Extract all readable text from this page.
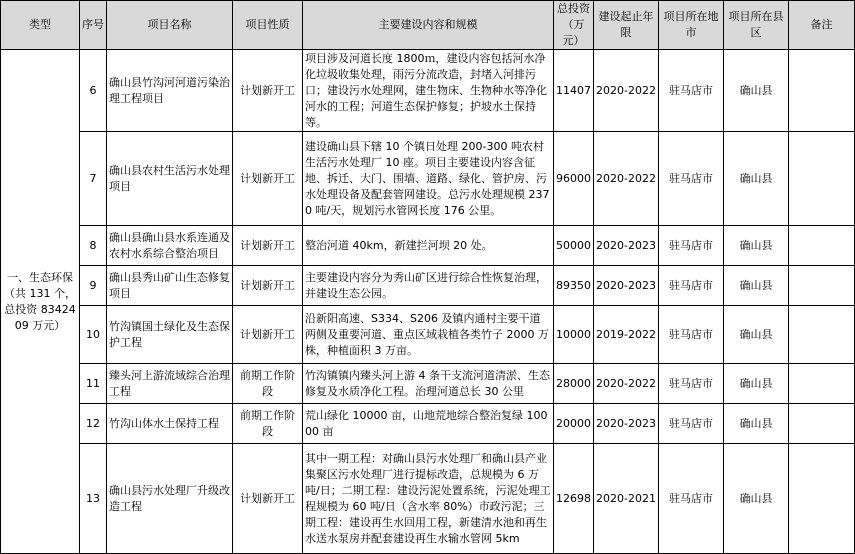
类型	序号	项目名称	项目性质	主要建设内容和规模	总投资（万元）	建设起止年限	项目所在地市	项目所在县区	备注
一、生态环保（共 131 个，总投资 8342409 万元）	6	确山县竹沟河河道污染治理工程项目	计划新开工	项目涉及河道长度 1800ｍ，建设内容包括河水净化垃圾收集处理，雨污分流改造，封堵入河排污口；建设污水处理网，建生物床、生物种水等净化河水的工程；河道生态保护修复；护坡水土保持等。	11407	2020-2022	驻马店市	确山县	
	7	确山县农村生活污水处理项目	计划新开工	建设确山县下辖 10 个镇日处理 200-300 吨农村生活污水处理厂 10 座。项目主要建设内容含征地、拆迁、大门、围墙、道路、绿化、管护房、污水处理设备及配套管网建设。总污水处理规模 2370 吨/天，规划污水管网长度 176 公里。	96000	2020-2022	驻马店市	确山县	
	8	确山县确山县水系连通及农村水系综合整治项目	计划新开工	整治河道 40km，新建拦河坝 20 处。	50000	2020-2023	驻马店市	确山县	
	9	确山县秀山矿山生态修复项目	计划新开工	主要建设内容分为秀山矿区进行综合性恢复治理，并建设生态公园。	89350	2020-2023	驻马店市	确山县	
	10	竹沟镇国土绿化及生态保护工程	计划新开工	沿新阳高速、S334、S206 及镇内通村主要干道两侧及重要河道、重点区域栽植各类竹子 2000 万株，种植面积 3 万亩。	10000	2019-2022	驻马店市	确山县	
	11	臻头河上游流域综合治理工程	前期工作阶段	竹沟镇镇内臻头河上游 4 条干支流河道清淤、生态修复及水质净化工程。治理河道总长 30 公里	28000	2020-2022	驻马店市	确山县	
	12	竹沟山体水土保持工程	前期工作阶段	荒山绿化 10000 亩，山地荒地综合整治复绿 10000 亩	20000	2020-2023	驻马店市	确山县	
	13	确山县污水处理厂升级改造工程	计划新开工	其中一期工程：对确山县污水处理厂和确山县产业集聚区污水处理厂进行提标改造，总规模为 6 万吨/日；二期工程：建设污泥处置系统，污泥处理工程规模为 60 吨/日（含水率 80%）市政污泥；三期工程：建设再生水回用工程，新建清水池和再生水送水泵房并配套建设再生水输水管网 5km	12698	2020-2021	驻马店市	确山县	
